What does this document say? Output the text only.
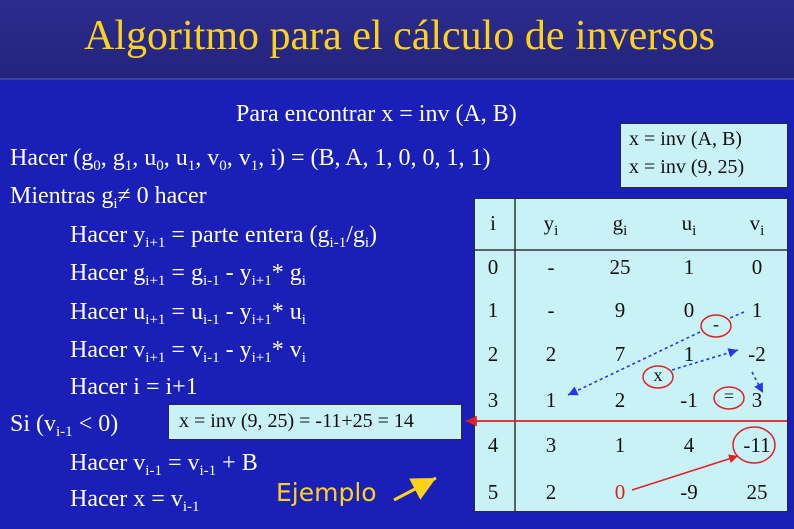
Algoritmo para el cálculo de inversos
Para encontrar x = inv (A, B)
Hacer ($g_0$, $g_1$, $u_0$, $u_1$, $v_0$, $v_1$, i) = (B, A, 1, 0, 0, 1, 1)
Mientras $g_i\ne 0$ hacer
Hacer $y_{i+1}$ = parte entera $(g_{i-1}/g_i)$
Hacer $g_{i+1} = g_{i-1} - y_{i+1}*$ $g_i$
Hacer $u_{i+1} = u_{i-1} - y_{i+1}*$ $u_i$
Hacer $v_{i+1} = v_{i-1} - y_{i+1}*$ $v_i$
Hacer i = i+1
Si $(v_{i-1} < 0)$
Hacer $v_{i-1} = v_{i-1} + B$
Hacer $x = v_{i-1}$
x = inv (A, B)
x = inv (9, 25)
x = inv (9, 25) = -11+25 = 14
i	$y_i$	$g_i$	$u_i$	$v_i$
0	-	25	1	0
1	-	9	0	1
2	2	7	1	-2
3	1	2	-1	3
4	3	1	4	-11
5	2	0	-9	25
-
x
=
Ejemplo
